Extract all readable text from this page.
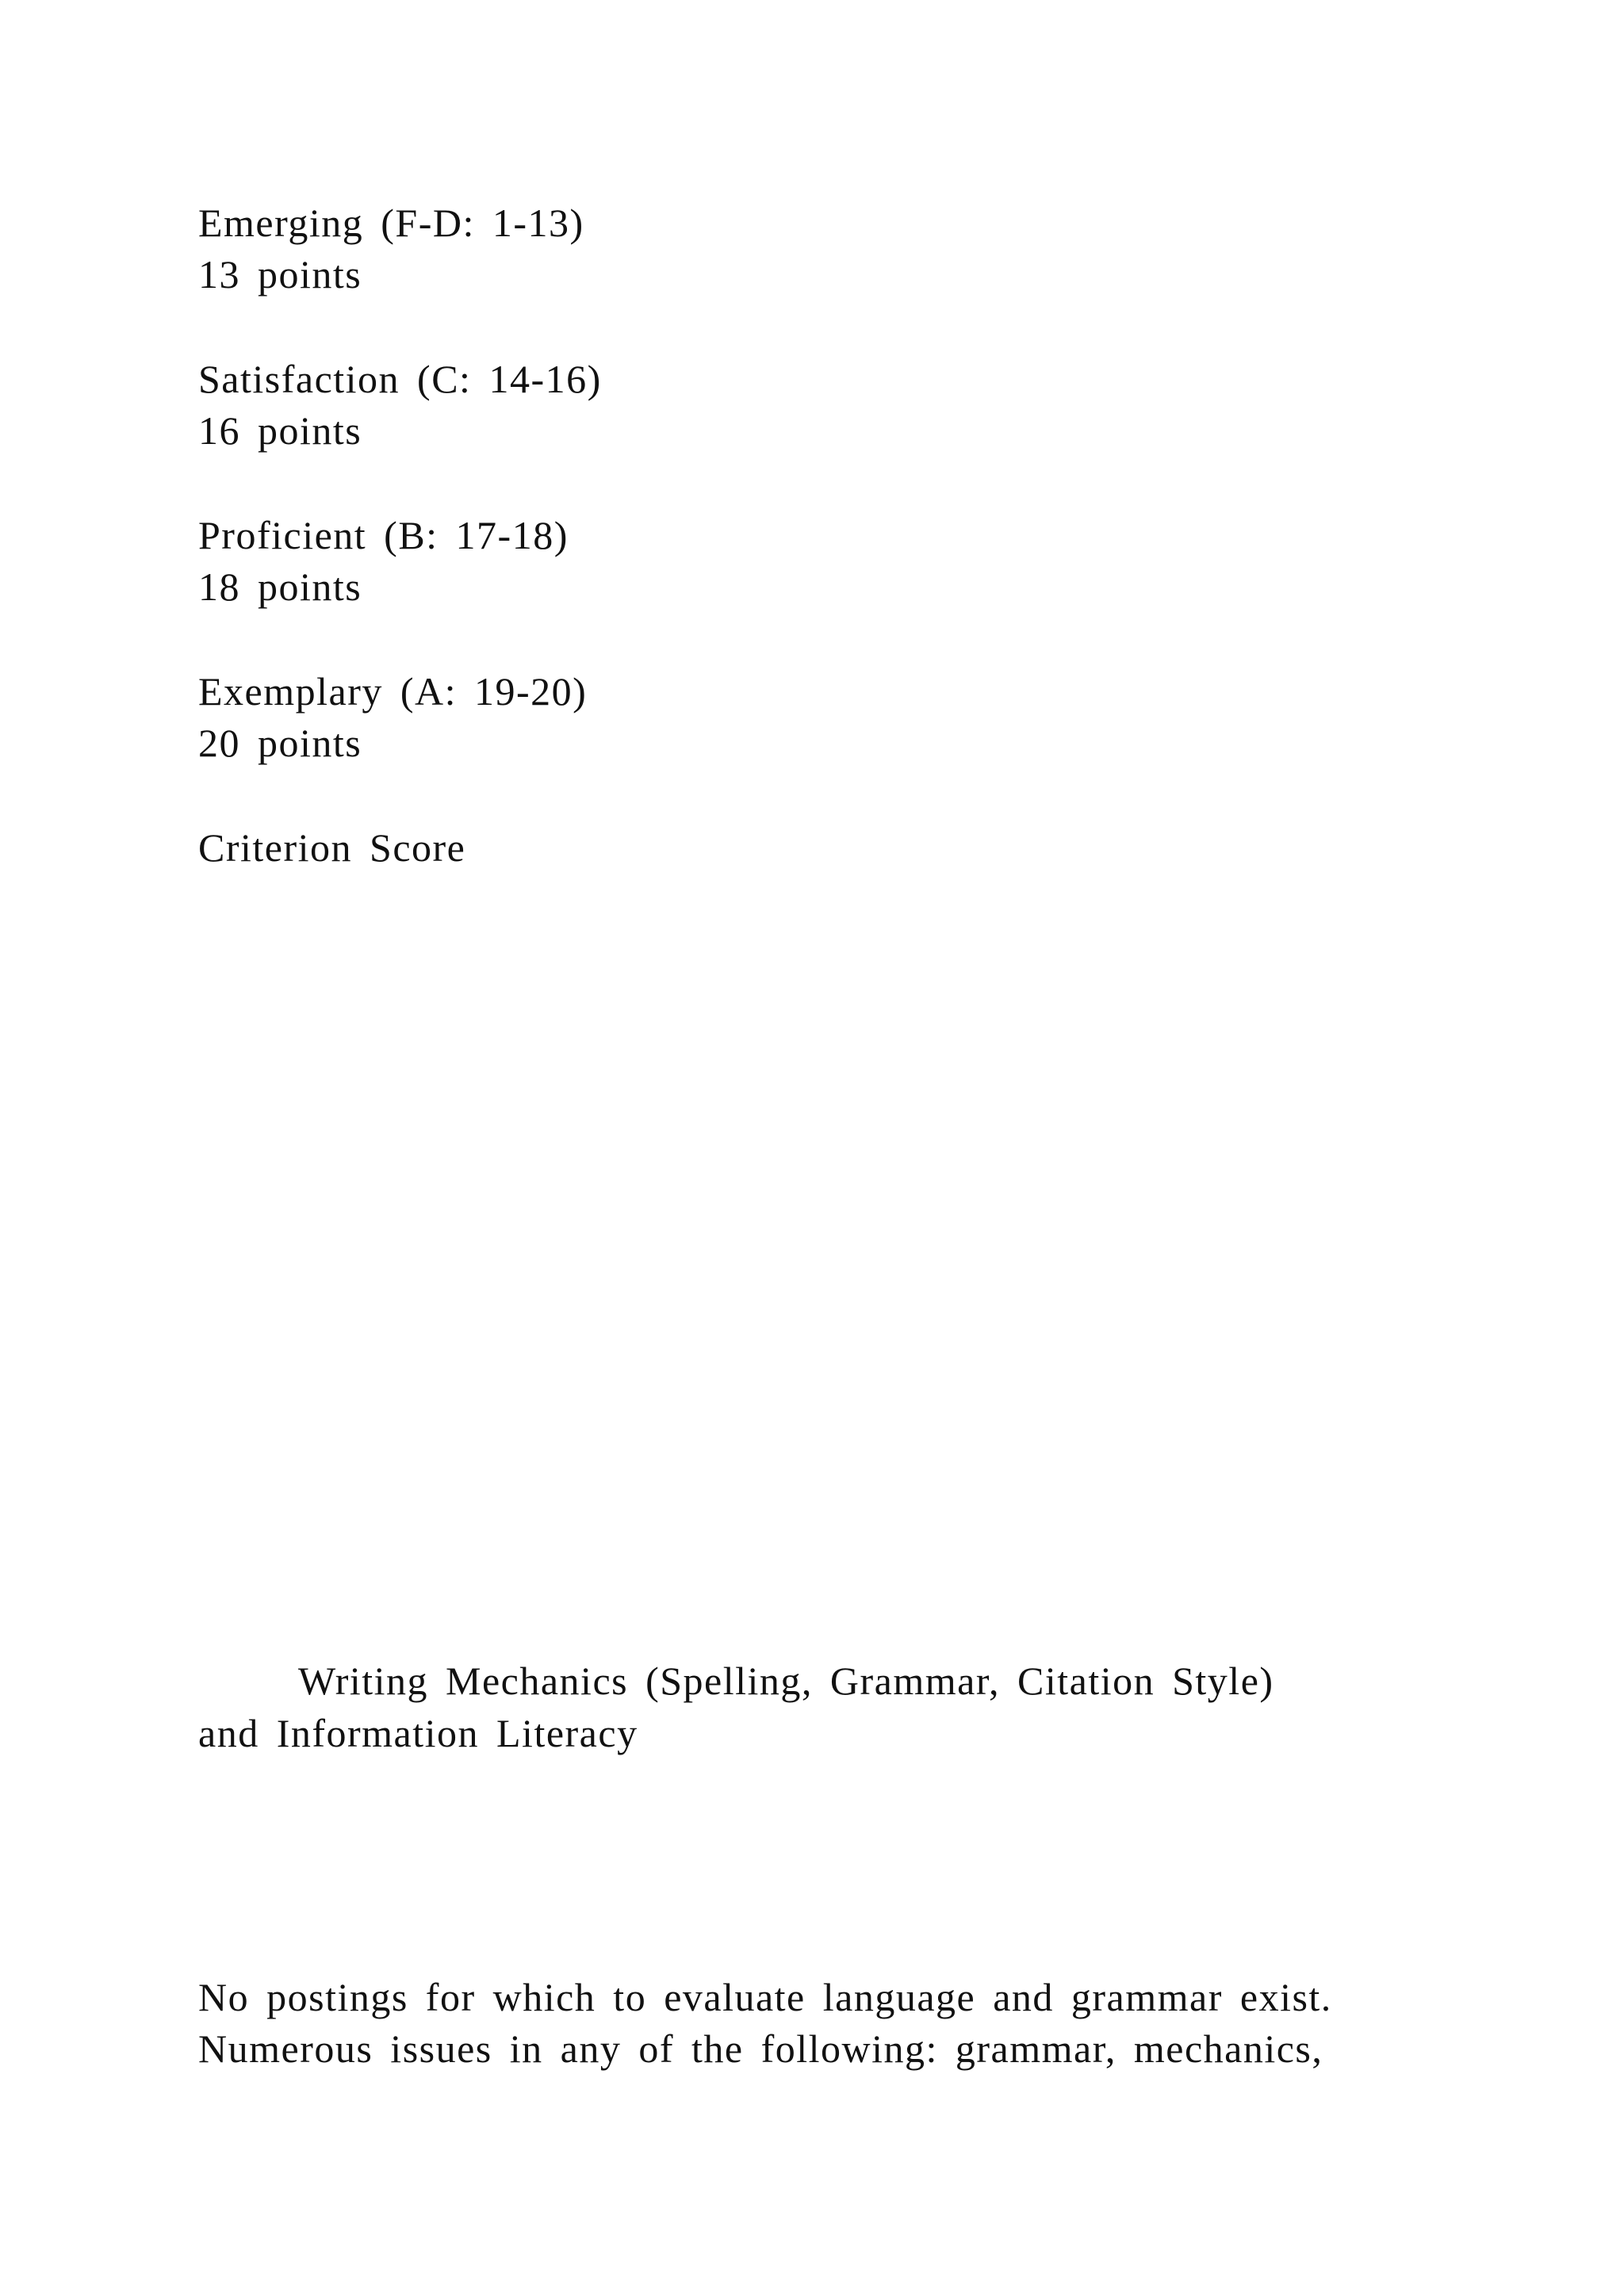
Emerging (F-D: 1-13)
13 points
Satisfaction (C: 14-16)
16 points
Proficient (B: 17-18)
18 points
Exemplary (A: 19-20)
20 points
Criterion Score
Writing Mechanics (Spelling, Grammar, Citation Style)
and Information Literacy
No postings for which to evaluate language and grammar exist.
Numerous issues in any of the following: grammar, mechanics,
